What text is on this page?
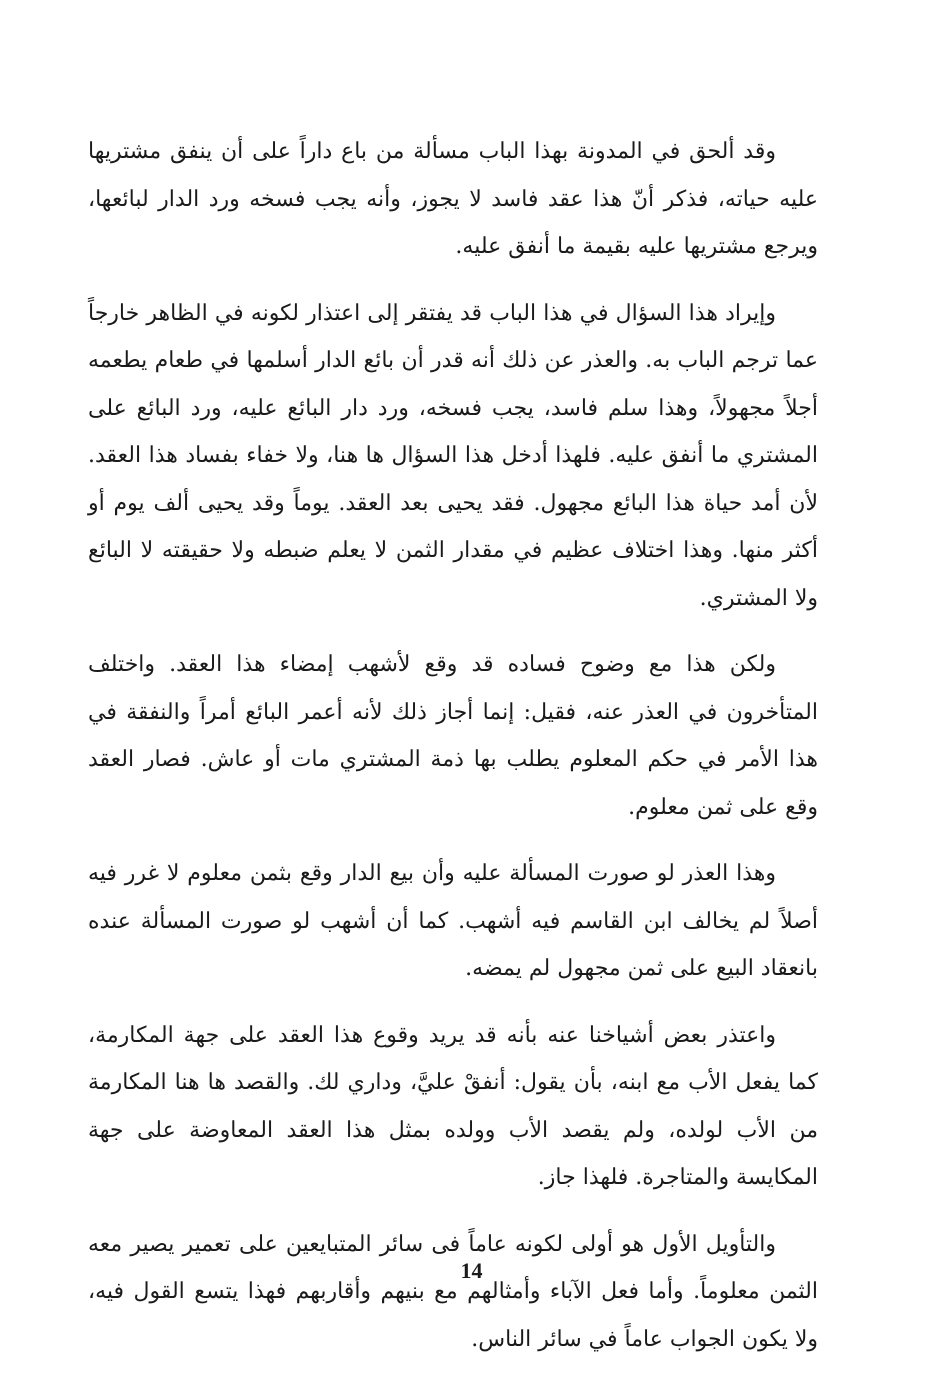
وقد ألحق في المدونة بهذا الباب مسألة من باع داراً على أن ينفق مشتريها عليه حياته، فذكر أنّ هذا عقد فاسد لا يجوز، وأنه يجب فسخه ورد الدار لبائعها، ويرجع مشتريها عليه بقيمة ما أنفق عليه.

وإيراد هذا السؤال في هذا الباب قد يفتقر إلى اعتذار لكونه في الظاهر خارجاً عما ترجم الباب به. والعذر عن ذلك أنه قدر أن بائع الدار أسلمها في طعام يطعمه أجلاً مجهولاً، وهذا سلم فاسد، يجب فسخه، ورد دار البائع عليه، ورد البائع على المشتري ما أنفق عليه. فلهذا أدخل هذا السؤال ها هنا، ولا خفاء بفساد هذا العقد. لأن أمد حياة هذا البائع مجهول. فقد يحيى بعد العقد. يوماً وقد يحيى ألف يوم أو أكثر منها. وهذا اختلاف عظيم في مقدار الثمن لا يعلم ضبطه ولا حقيقته لا البائع ولا المشتري.

ولكن هذا مع وضوح فساده قد وقع لأشهب إمضاء هذا العقد. واختلف المتأخرون في العذر عنه، فقيل: إنما أجاز ذلك لأنه أعمر البائع أمراً والنفقة في هذا الأمر في حكم المعلوم يطلب بها ذمة المشتري مات أو عاش. فصار العقد وقع على ثمن معلوم.

وهذا العذر لو صورت المسألة عليه وأن بيع الدار وقع بثمن معلوم لا غرر فيه أصلاً لم يخالف ابن القاسم فيه أشهب. كما أن أشهب لو صورت المسألة عنده بانعقاد البيع على ثمن مجهول لم يمضه.

واعتذر بعض أشياخنا عنه بأنه قد يريد وقوع هذا العقد على جهة المكارمة، كما يفعل الأب مع ابنه، بأن يقول: أنفقْ عليَّ، وداري لك. والقصد ها هنا المكارمة من الأب لولده، ولم يقصد الأب وولده بمثل هذا العقد المعاوضة على جهة المكايسة والمتاجرة. فلهذا جاز.

والتأويل الأول هو أولى لكونه عاماً فى سائر المتبايعين على تعمير يصير معه الثمن معلوماً. وأما فعل الآباء وأمثالهم مع بنيهم وأقاربهم فهذا يتسع القول فيه، ولا يكون الجواب عاماً في سائر الناس.

14
